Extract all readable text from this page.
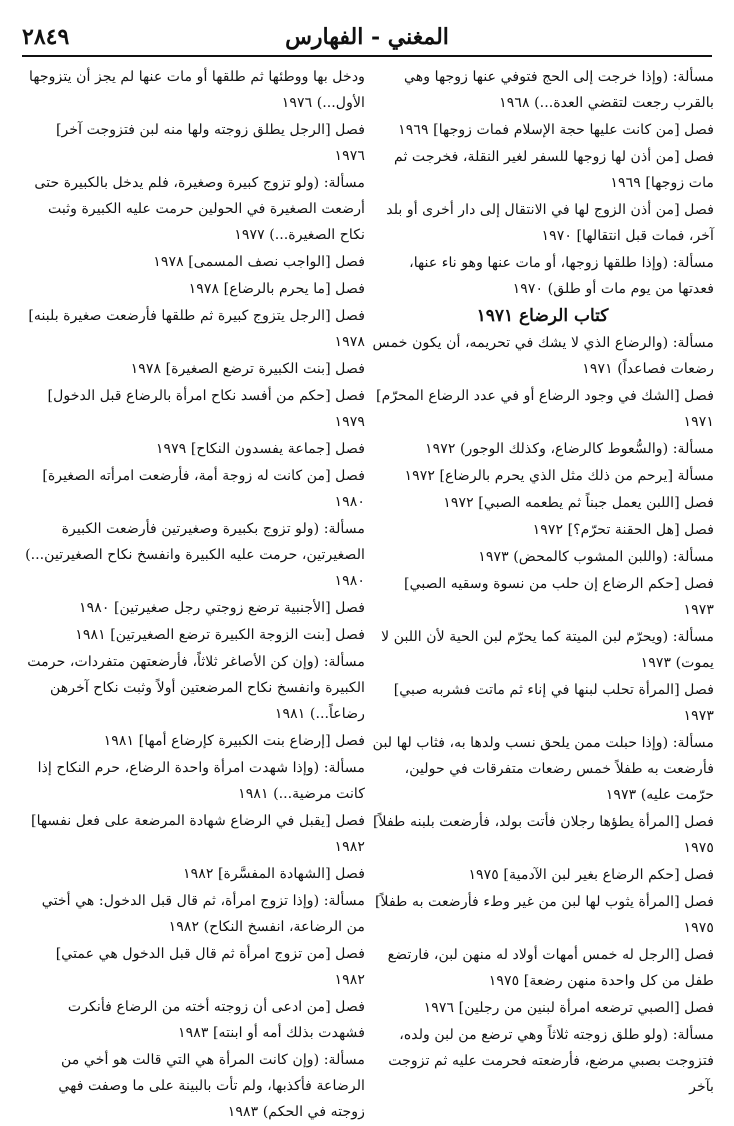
٢٨٤٩	المغني - الفهارس

مسألة: (وإذا خرجت إلى الحج فتوفي عنها زوجها وهي بالقرب رجعت لتقضي العدة...) ١٩٦٨

فصل [من كانت عليها حجة الإسلام فمات زوجها] ١٩٦٩

فصل [من أذن لها زوجها للسفر لغير النقلة، فخرجت ثم مات زوجها] ١٩٦٩

فصل [من أذن الزوج لها في الانتقال إلى دار أخرى أو بلد آخر، فمات قبل انتقالها] ١٩٧٠

مسألة: (وإذا طلقها زوجها، أو مات عنها وهو ناء عنها، فعدتها من يوم مات أو طلق) ١٩٧٠

كتاب الرضاع ١٩٧١

مسألة: (والرضاع الذي لا يشك في تحريمه، أن يكون خمس رضعات فصاعداً) ١٩٧١

فصل [الشك في وجود الرضاع أو في عدد الرضاع المحرّم] ١٩٧١

مسألة: (والسُّعوط كالرضاع، وكذلك الوجور) ١٩٧٢

مسألة [يرحم من ذلك مثل الذي يحرم بالرضاع] ١٩٧٢

فصل [اللبن يعمل جبناً ثم يطعمه الصبي] ١٩٧٢

فصل [هل الحقنة تحرّم؟] ١٩٧٢

مسألة: (واللبن المشوب كالمحض) ١٩٧٣

فصل [حكم الرضاع إن حلب من نسوة وسقيه الصبي] ١٩٧٣

مسألة: (ويحرّم لبن الميتة كما يحرّم لبن الحية لأن اللبن لا يموت) ١٩٧٣

فصل [المرأة تحلب لبنها في إناء ثم ماتت فشربه صبي] ١٩٧٣

مسألة: (وإذا حبلت ممن يلحق نسب ولدها به، فثاب لها لبن فأرضعت به طفلاً خمس رضعات متفرقات في حولين، حرّمت عليه) ١٩٧٣

فصل [المرأة يطؤها رجلان فأتت بولد، فأرضعت بلبنه طفلاً] ١٩٧٥

فصل [حكم الرضاع بغير لبن الآدمية] ١٩٧٥

فصل [المرأة يثوب لها لبن من غير وطء فأرضعت به طفلاً] ١٩٧٥

فصل [الرجل له خمس أمهات أولاد له منهن لبن، فارتضع طفل من كل واحدة منهن رضعة] ١٩٧٥

فصل [الصبي ترضعه امرأة لبنين من رجلين] ١٩٧٦

مسألة: (ولو طلق زوجته ثلاثاً وهي ترضع من لبن ولده، فتزوجت بصبي مرضع، فأرضعته فحرمت عليه ثم تزوجت بآخر

ودخل بها ووطئها ثم طلقها أو مات عنها لم يجز أن يتزوجها الأول...) ١٩٧٦

فصل [الرجل يطلق زوجته ولها منه لبن فتزوجت آخر] ١٩٧٦

مسألة: (ولو تزوج كبيرة وصغيرة، فلم يدخل بالكبيرة حتى أرضعت الصغيرة في الحولين حرمت عليه الكبيرة وثبت نكاح الصغيرة...) ١٩٧٧

فصل [الواجب نصف المسمى] ١٩٧٨

فصل [ما يحرم بالرضاع] ١٩٧٨

فصل [الرجل يتزوج كبيرة ثم طلقها فأرضعت صغيرة بلبنه] ١٩٧٨

فصل [بنت الكبيرة ترضع الصغيرة] ١٩٧٨

فصل [حكم من أفسد نكاح امرأة بالرضاع قبل الدخول] ١٩٧٩

فصل [جماعة يفسدون النكاح] ١٩٧٩

فصل [من كانت له زوجة أمة، فأرضعت امرأته الصغيرة] ١٩٨٠

مسألة: (ولو تزوج بكبيرة وصغيرتين فأرضعت الكبيرة الصغيرتين، حرمت عليه الكبيرة وانفسخ نكاح الصغيرتين...) ١٩٨٠

فصل [الأجنبية ترضع زوجتي رجل صغيرتين] ١٩٨٠

فصل [بنت الزوجة الكبيرة ترضع الصغيرتين] ١٩٨١

مسألة: (وإن كن الأصاغر ثلاثاً، فأرضعتهن متفردات، حرمت الكبيرة وانفسخ نكاح المرضعتين أولاً وثبت نكاح آخرهن رضاعاً...) ١٩٨١

فصل [إرضاع بنت الكبيرة كإرضاع أمها] ١٩٨١

مسألة: (وإذا شهدت امرأة واحدة الرضاع، حرم النكاح إذا كانت مرضية...) ١٩٨١

فصل [يقبل في الرضاع شهادة المرضعة على فعل نفسها] ١٩٨٢

فصل [الشهادة المفسَّرة] ١٩٨٢

مسألة: (وإذا تزوج امرأة، ثم قال قبل الدخول: هي أختي من الرضاعة، انفسخ النكاح) ١٩٨٢

فصل [من تزوج امرأة ثم قال قبل الدخول هي عمتي] ١٩٨٢

فصل [من ادعى أن زوجته أخته من الرضاع فأنكرت فشهدت بذلك أمه أو ابنته] ١٩٨٣

مسألة: (وإن كانت المرأة هي التي قالت هو أخي من الرضاعة فأكذبها، ولم تأت بالبينة على ما وصفت فهي زوجته في الحكم) ١٩٨٣
